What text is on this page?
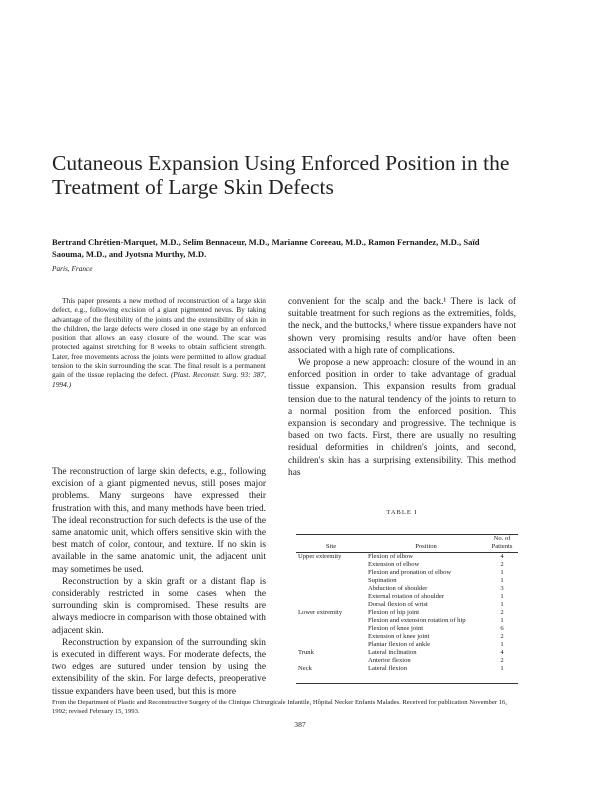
Cutaneous Expansion Using Enforced Position in the Treatment of Large Skin Defects
Bertrand Chrétien-Marquet, M.D., Selim Bennaceur, M.D., Marianne Coreeau, M.D., Ramon Fernandez, M.D., Saïd Saouma, M.D., and Jyotsna Murthy, M.D.
Paris, France

This paper presents a new method of reconstruction of a large skin defect, e.g., following excision of a giant pigmented nevus. By taking advantage of the flexibility of the joints and the extensibility of skin in the children, the large defects were closed in one stage by an enforced position that allows an easy closure of the wound. The scar was protected against stretching for 8 weeks to obtain sufficient strength. Later, free movements across the joints were permitted to allow gradual tension to the skin surrounding the scar. The final result is a permanent gain of the tissue replacing the defect. (Plast. Reconstr. Surg. 93: 387, 1994.)

The reconstruction of large skin defects, e.g., following excision of a giant pigmented nevus, still poses major problems. Many surgeons have expressed their frustration with this, and many methods have been tried. The ideal reconstruction for such defects is the use of the same anatomic unit, which offers sensitive skin with the best match of color, contour, and texture. If no skin is available in the same anatomic unit, the adjacent unit may sometimes be used.

Reconstruction by a skin graft or a distant flap is considerably restricted in some cases when the surrounding skin is compromised. These results are always mediocre in comparison with those obtained with adjacent skin.

Reconstruction by expansion of the surrounding skin is executed in different ways. For moderate defects, the two edges are sutured under tension by using the extensibility of the skin. For large defects, preoperative tissue expanders have been used, but this is more

convenient for the scalp and the back.¹ There is lack of suitable treatment for such regions as the extremities, folds, the neck, and the buttocks,¹ where tissue expanders have not shown very promising results and/or have often been associated with a high rate of complications.

We propose a new approach: closure of the wound in an enforced position in order to take advantage of gradual tissue expansion. This expansion results from gradual tension due to the natural tendency of the joints to return to a normal position from the enforced position. This expansion is secondary and progressive. The technique is based on two facts. First, there are usually no resulting residual deformities in children's joints, and second, children's skin has a surprising extensibility. This method has

TABLE I
Site	Position	No. of Patients
Upper extremity	Flexion of elbow	4
	Extension of elbow	2
	Flexion and pronation of elbow	1
	Supination	1
	Abduction of shoulder	3
	External rotation of shoulder	1
	Dorsal flexion of wrist	1
Lower extremity	Flexion of hip joint	2
	Flexion and extension rotation of hip	1
	Flexion of knee joint	6
	Extension of knee joint	2
	Plantar flexion of ankle	1
Trunk	Lateral inclination	4
	Anterior flexion	2
Neck	Lateral flexion	1
From the Department of Plastic and Reconstructive Surgery of the Clinique Chirurgicale Infantile, Hôpital Necker Enfants Malades. Received for publication November 16, 1992; revised February 15, 1993.
387
